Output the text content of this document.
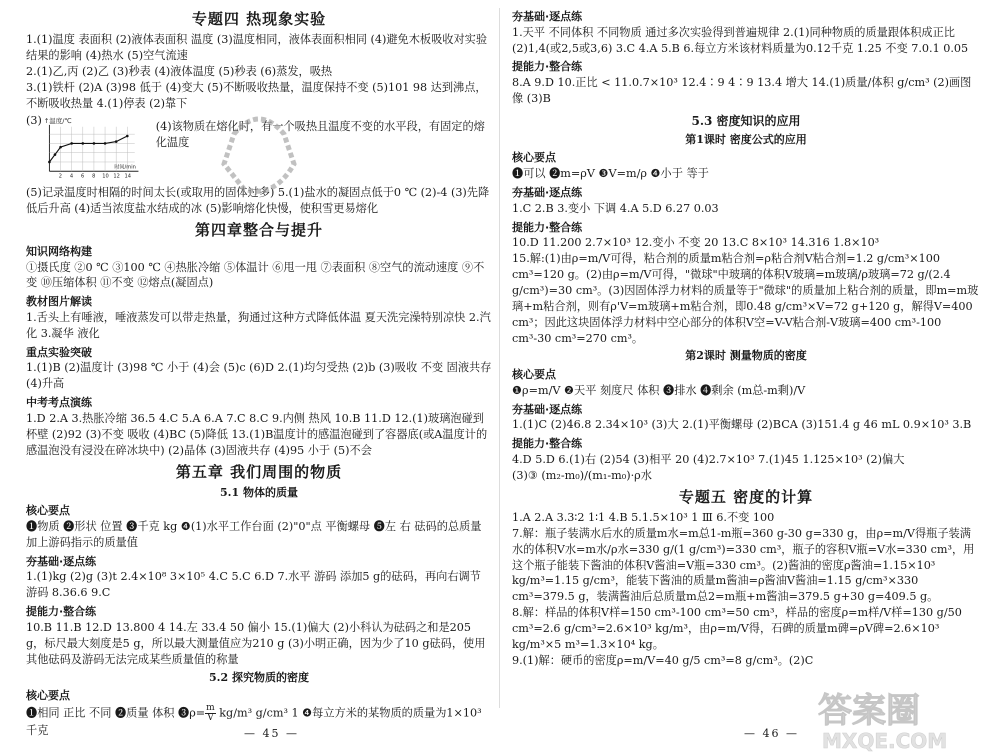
专题四 热现象实验
1.(1)温度 表面积 (2)液体表面积 温度 (3)温度相同，液体表面积相同 (4)避免木板吸收对实验结果的影响 (4)热水 (5)空气流速
2.(1)乙,丙 (2)乙 (3)秒表 (4)液体温度 (5)秒表 (6)蒸发，吸热
3.(1)铁杆 (2)A (3)98 低于 (4)变大 (5)不断吸收热量，温度保持不变 (5)101 98 达到沸点，不断吸收热量 4.(1)停表 (2)靠下
(3) ↑温度/℃
2 4 6 8 10 12 14
时间/min
(4)该物质在熔化时，有一个吸热且温度不变的水平段，有固定的熔化温度
(5)记录温度时相隔的时间太长(或取用的固体过多) 5.(1)盐水的凝固点低于0 ℃ (2)-4 (3)先降低后升高 (4)适当浓度盐水结成的冰 (5)影响熔化快慢，使积雪更易熔化
第四章整合与提升
知识网络构建
①摄氏度 ②0 ℃ ③100 ℃ ④热胀冷缩 ⑤体温计 ⑥甩一甩 ⑦表面积 ⑧空气的流动速度 ⑨不变 ⑩压缩体积 ⑪不变 ⑫熔点(凝固点)
教材图片解读
1.舌头上有唾液，唾液蒸发可以带走热量，狗通过这种方式降低体温 夏天洗完澡特别凉快 2.汽化 3.凝华 液化
重点实验突破
1.(1)B (2)温度计 (3)98 ℃ 小于 (4)会 (5)c (6)D 2.(1)均匀受热 (2)b (3)吸收 不变 固液共存 (4)升高
中考考点演练
1.D 2.A 3.热胀冷缩 36.5 4.C 5.A 6.A 7.C 8.C 9.内侧 热风 10.B 11.D 12.(1)玻璃泡碰到杯壁 (2)92 (3)不变 吸收 (4)BC (5)降低 13.(1)B温度计的感温泡碰到了容器底(或A温度计的感温泡没有浸没在碎冰块中) (2)晶体 (3)固液共存 (4)95 小于 (5)不会
第五章 我们周围的物质
5.1 物体的质量
核心要点
❶物质 ❷形状 位置 ❸千克 kg ❹(1)水平工作台面 (2)"0"点 平衡螺母 ❺左 右 砝码的总质量加上游码指示的质量值
夯基础·逐点练
1.(1)kg (2)g (3)t 2.4×10⁸ 3×10⁵ 4.C 5.C 6.D 7.水平 游码 添加5 g的砝码，再向右调节游码 8.36.6 9.C
提能力·整合练
10.B 11.B 12.D 13.800 4 14.左 33.4 50 偏小 15.(1)偏大 (2)小科认为砝码之和是205 g，标尺最大刻度是5 g，所以最大测量值应为210 g (3)小明正确，因为少了10 g砝码，使用其他砝码及游码无法完成某些质量值的称量
5.2 探究物质的密度
核心要点
❶相同 正比 不同 ❷质量 体积 ❸ρ= $\frac{m}{V} kg/m^3$ g/cm³ 1 ❹每立方米的某物质的质量为1×10³
千克	— 45 —
夯基础·逐点练
1.天平 不同体积 不同物质 通过多次实验得到普遍规律 2.(1)同种物质的质量跟体积成正比 (2)1,4(或2,5或3,6) 3.C 4.A 5.B 6.每立方米该材料质量为0.12千克 1.25 不变 7.0.1 0.05
提能力·整合练
8.A 9.D 10.正比 < 11.0.7×10³ 12.4∶9 4∶9 13.4 增大 14.(1)质量/体积 g/cm³ (2)画图像 (3)B
5.3 密度知识的应用
第1课时 密度公式的应用
核心要点
❶可以 ❷m=ρV ❸V=m/ρ ❹小于 等于
夯基础·逐点练
1.C 2.B 3.变小 下调 4.A 5.D 6.27 0.03
提能力·整合练
10.D 11.200 2.7×10³ 12.变小 不变 20 13.C 8×10³ 14.316 1.8×10³
15.解:(1)由ρ=m/V可得，粘合剂的质量m粘合剂=ρ粘合剂V粘合剂=1.2 g/cm³×100 cm³=120 g。(2)由ρ=m/V可得，"微球"中玻璃的体积V玻璃=m玻璃/ρ玻璃=72 g/(2.4 g/cm³)=30 cm³。(3)因固体浮力材料的质量等于"微球"的质量加上粘合剂的质量，即m=m玻璃+m粘合剂，则有ρ'V=m玻璃+m粘合剂，即0.48 g/cm³×V=72 g+120 g，解得V=400 cm³；因此这块固体浮力材料中空心部分的体积V空=V-V粘合剂-V玻璃=400 cm³-100 cm³-30 cm³=270 cm³。
第2课时 测量物质的密度
核心要点
❶ρ=m/V ❷天平 刻度尺 体积 ❸排水 ❹剩余 (m总-m剩)/V
夯基础·逐点练
1.(1)C (2)46.8 2.34×10³ (3)大 2.(1)平衡螺母 (2)BCA (3)151.4 g 46 mL 0.9×10³ 3.B
提能力·整合练
4.D 5.D 6.(1)右 (2)54 (3)相平 20 (4)2.7×10³ 7.(1)45 1.125×10³ (2)偏大
(3)③ (m₂-m₀)/(m₁-m₀)·ρ水
专题五 密度的计算
1.A 2.A 3.3∶2 1∶1 4.B 5.1.5×10³ 1 Ⅲ 6.不变 100
7.解：瓶子装满水后水的质量m水=m总1-m瓶=360 g-30 g=330 g，由ρ=m/V得瓶子装满水的体积V水=m水/ρ水=330 g/(1 g/cm³)=330 cm³，瓶子的容积V瓶=V水=330 cm³，用这个瓶子能装下酱油的体积V酱油=V瓶=330 cm³。(2)酱油的密度ρ酱油=1.15×10³ kg/m³=1.15 g/cm³，能装下酱油的质量m酱油=ρ酱油V酱油=1.15 g/cm³×330 cm³=379.5 g，装满酱油后总质量m总2=m瓶+m酱油=379.5 g+30 g=409.5 g。
8.解：样品的体积V样=150 cm³-100 cm³=50 cm³，样品的密度ρ=m样/V样=130 g/50 cm³=2.6 g/cm³=2.6×10³ kg/m³，由ρ=m/V得，石碑的质量m碑=ρV碑=2.6×10³ kg/m³×5 m³=1.3×10⁴ kg。
9.(1)解：硬币的密度ρ=m/V=40 g/5 cm³=8 g/cm³。(2)C
— 46 —
答案圈
MXQE.COM
